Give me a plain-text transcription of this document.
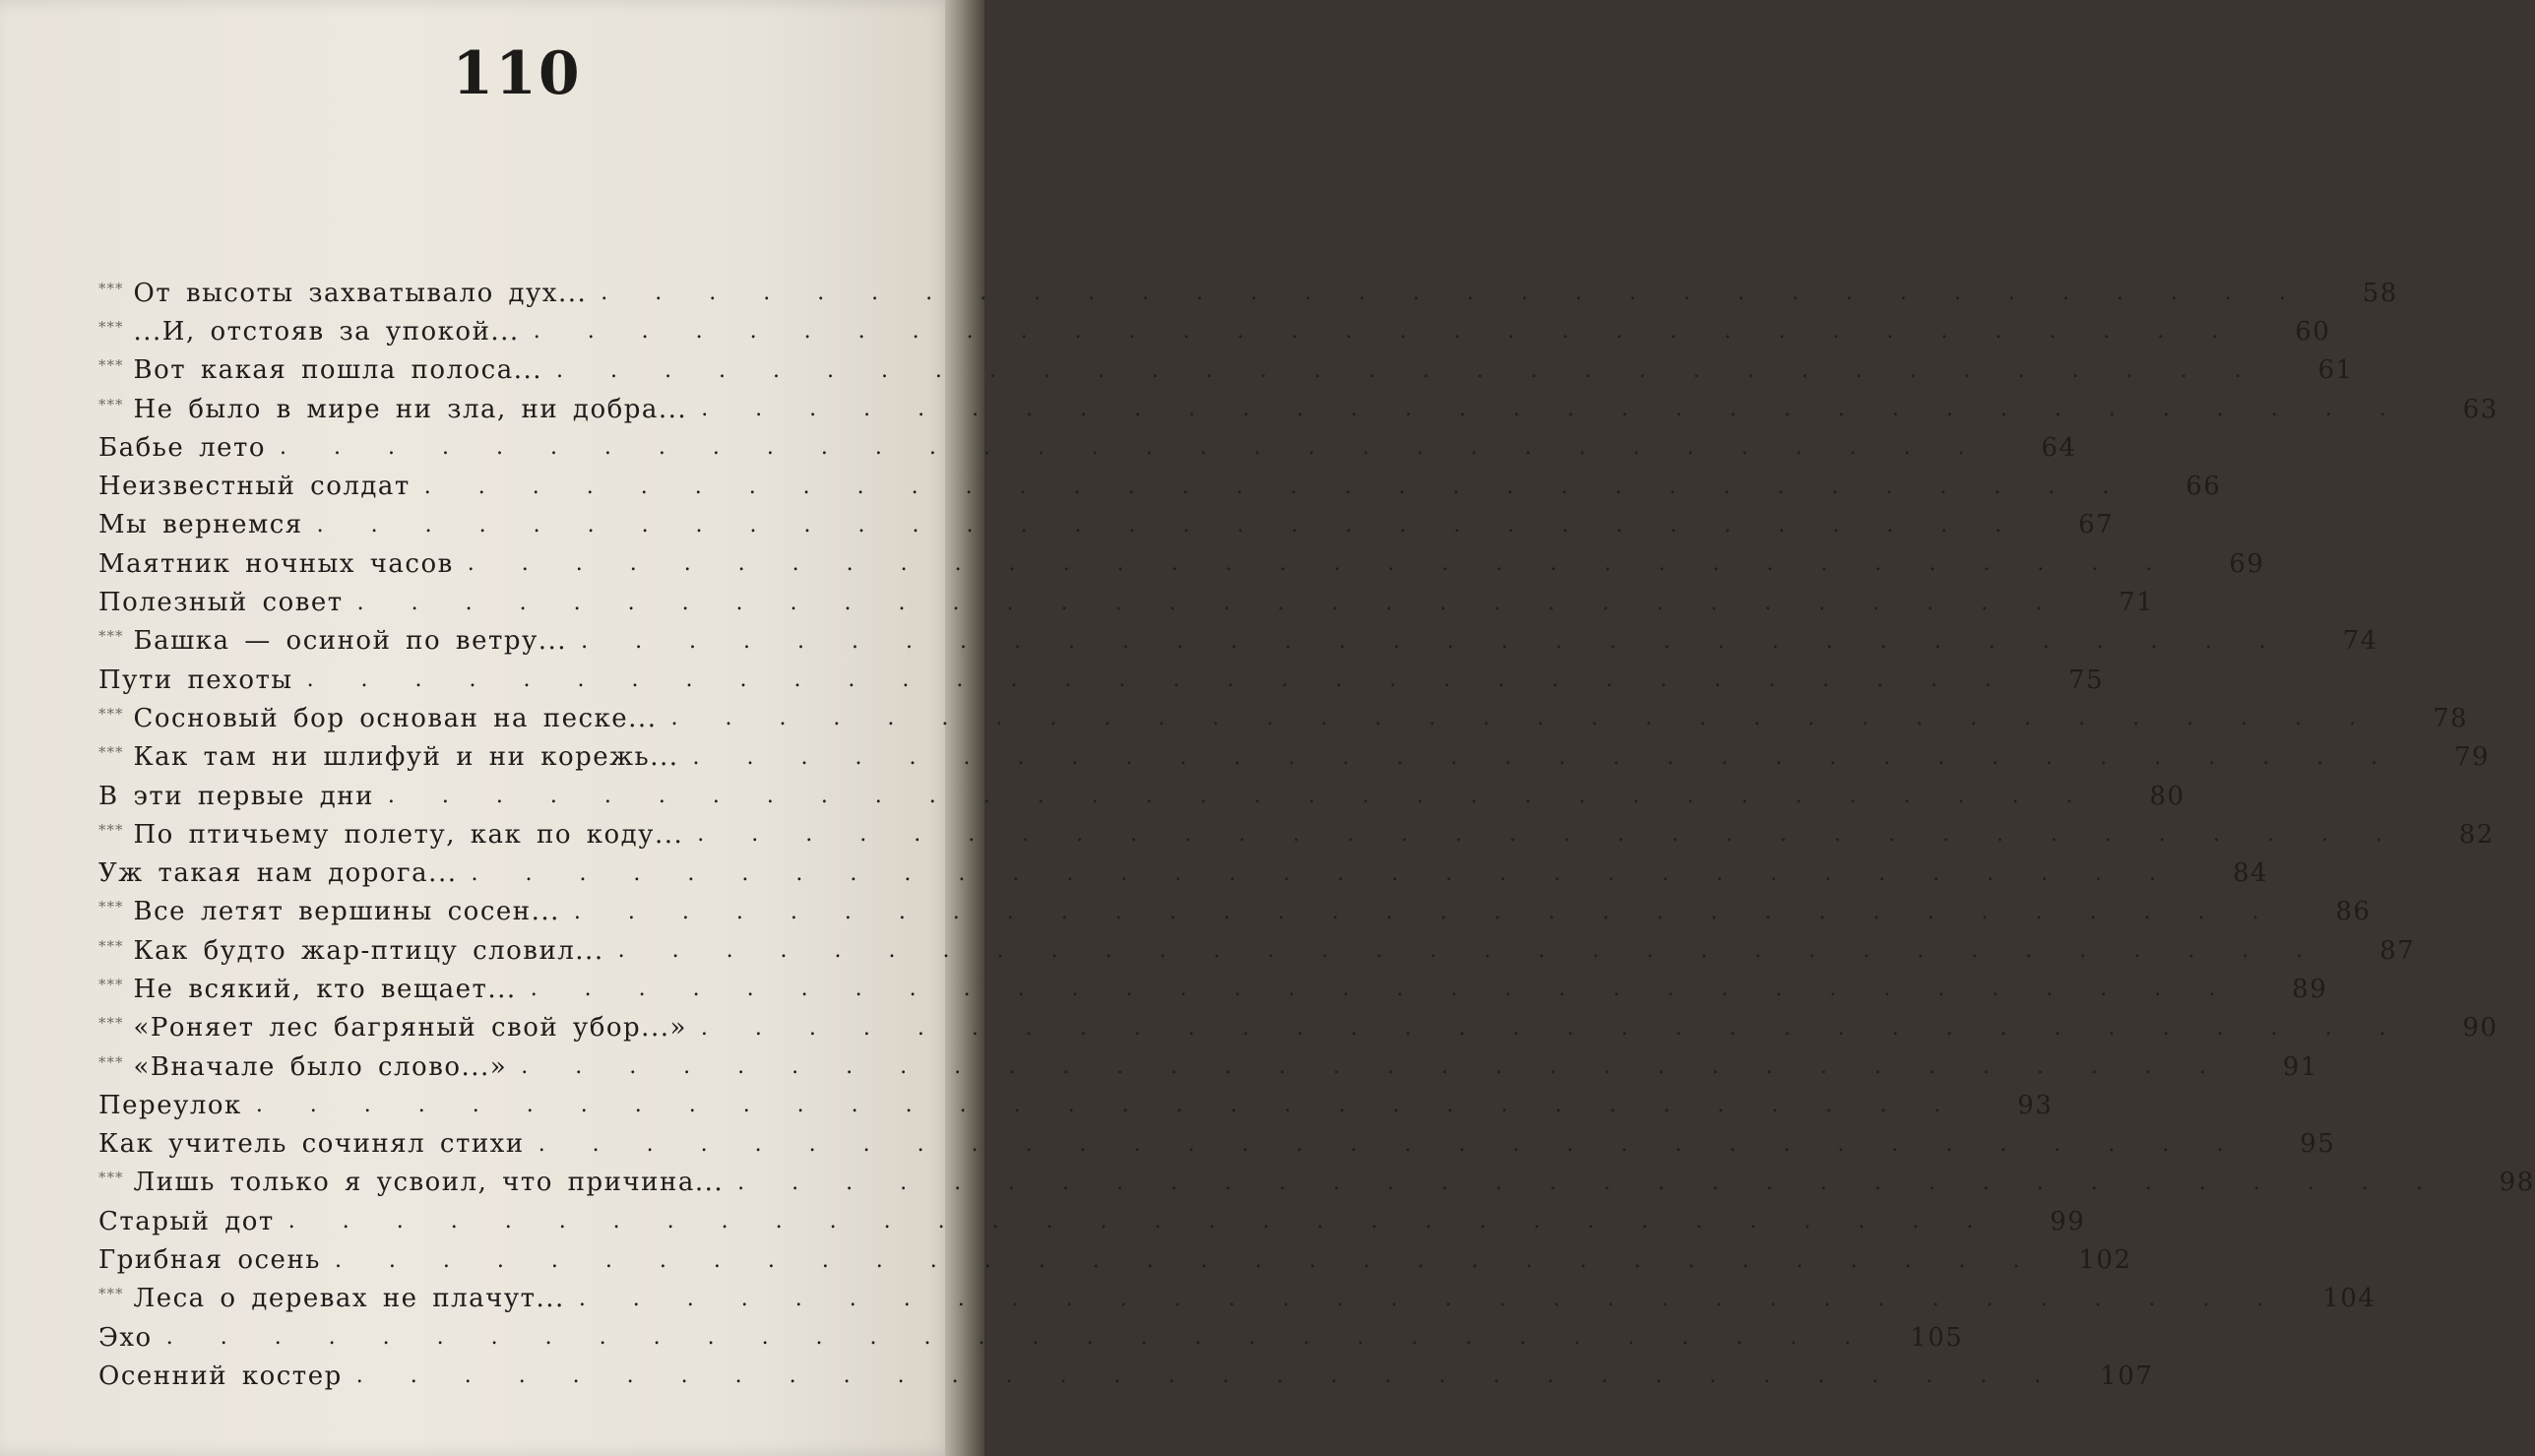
110
*** От высоты захватывало дух... . . . . . . . . . . . . . . . . . . . . . . . . . . . . . . . .	58
*** ...И, отстояв за упокой... . . . . . . . . . . . . . . . . . . . . . . . . . . . . . . . .	60
*** Вот какая пошла полоса... . . . . . . . . . . . . . . . . . . . . . . . . . . . . . . . .	61
*** Не было в мире ни зла, ни добра... . . . . . . . . . . . . . . . . . . . . . . . . . . . . . . . .	63
Бабье лето . . . . . . . . . . . . . . . . . . . . . . . . . . . . . . . .	64
Неизвестный солдат . . . . . . . . . . . . . . . . . . . . . . . . . . . . . . . .	66
Мы вернемся . . . . . . . . . . . . . . . . . . . . . . . . . . . . . . . .	67
Маятник ночных часов . . . . . . . . . . . . . . . . . . . . . . . . . . . . . . . .	69
Полезный совет . . . . . . . . . . . . . . . . . . . . . . . . . . . . . . . .	71
*** Башка — осиной по ветру... . . . . . . . . . . . . . . . . . . . . . . . . . . . . . . . .	74
Пути пехоты . . . . . . . . . . . . . . . . . . . . . . . . . . . . . . . .	75
*** Сосновый бор основан на песке... . . . . . . . . . . . . . . . . . . . . . . . . . . . . . . . .	78
*** Как там ни шлифуй и ни корежь... . . . . . . . . . . . . . . . . . . . . . . . . . . . . . . . .	79
В эти первые дни . . . . . . . . . . . . . . . . . . . . . . . . . . . . . . . .	80
*** По птичьему полету, как по коду... . . . . . . . . . . . . . . . . . . . . . . . . . . . . . . . .	82
Уж такая нам дорога... . . . . . . . . . . . . . . . . . . . . . . . . . . . . . . . .	84
*** Все летят вершины сосен... . . . . . . . . . . . . . . . . . . . . . . . . . . . . . . . .	86
*** Как будто жар-птицу словил... . . . . . . . . . . . . . . . . . . . . . . . . . . . . . . . .	87
*** Не всякий, кто вещает... . . . . . . . . . . . . . . . . . . . . . . . . . . . . . . . .	89
*** «Роняет лес багряный свой убор...» . . . . . . . . . . . . . . . . . . . . . . . . . . . . . . . .	90
*** «Вначале было слово...» . . . . . . . . . . . . . . . . . . . . . . . . . . . . . . . .	91
Переулок . . . . . . . . . . . . . . . . . . . . . . . . . . . . . . . .	93
Как учитель сочинял стихи . . . . . . . . . . . . . . . . . . . . . . . . . . . . . . . .	95
*** Лишь только я усвоил, что причина... . . . . . . . . . . . . . . . . . . . . . . . . . . . . . . . .	98
Старый дот . . . . . . . . . . . . . . . . . . . . . . . . . . . . . . . .	99
Грибная осень . . . . . . . . . . . . . . . . . . . . . . . . . . . . . . . .	102
*** Леса о деревах не плачут... . . . . . . . . . . . . . . . . . . . . . . . . . . . . . . . .	104
Эхо . . . . . . . . . . . . . . . . . . . . . . . . . . . . . . . .	105
Осенний костер . . . . . . . . . . . . . . . . . . . . . . . . . . . . . . . .	107
